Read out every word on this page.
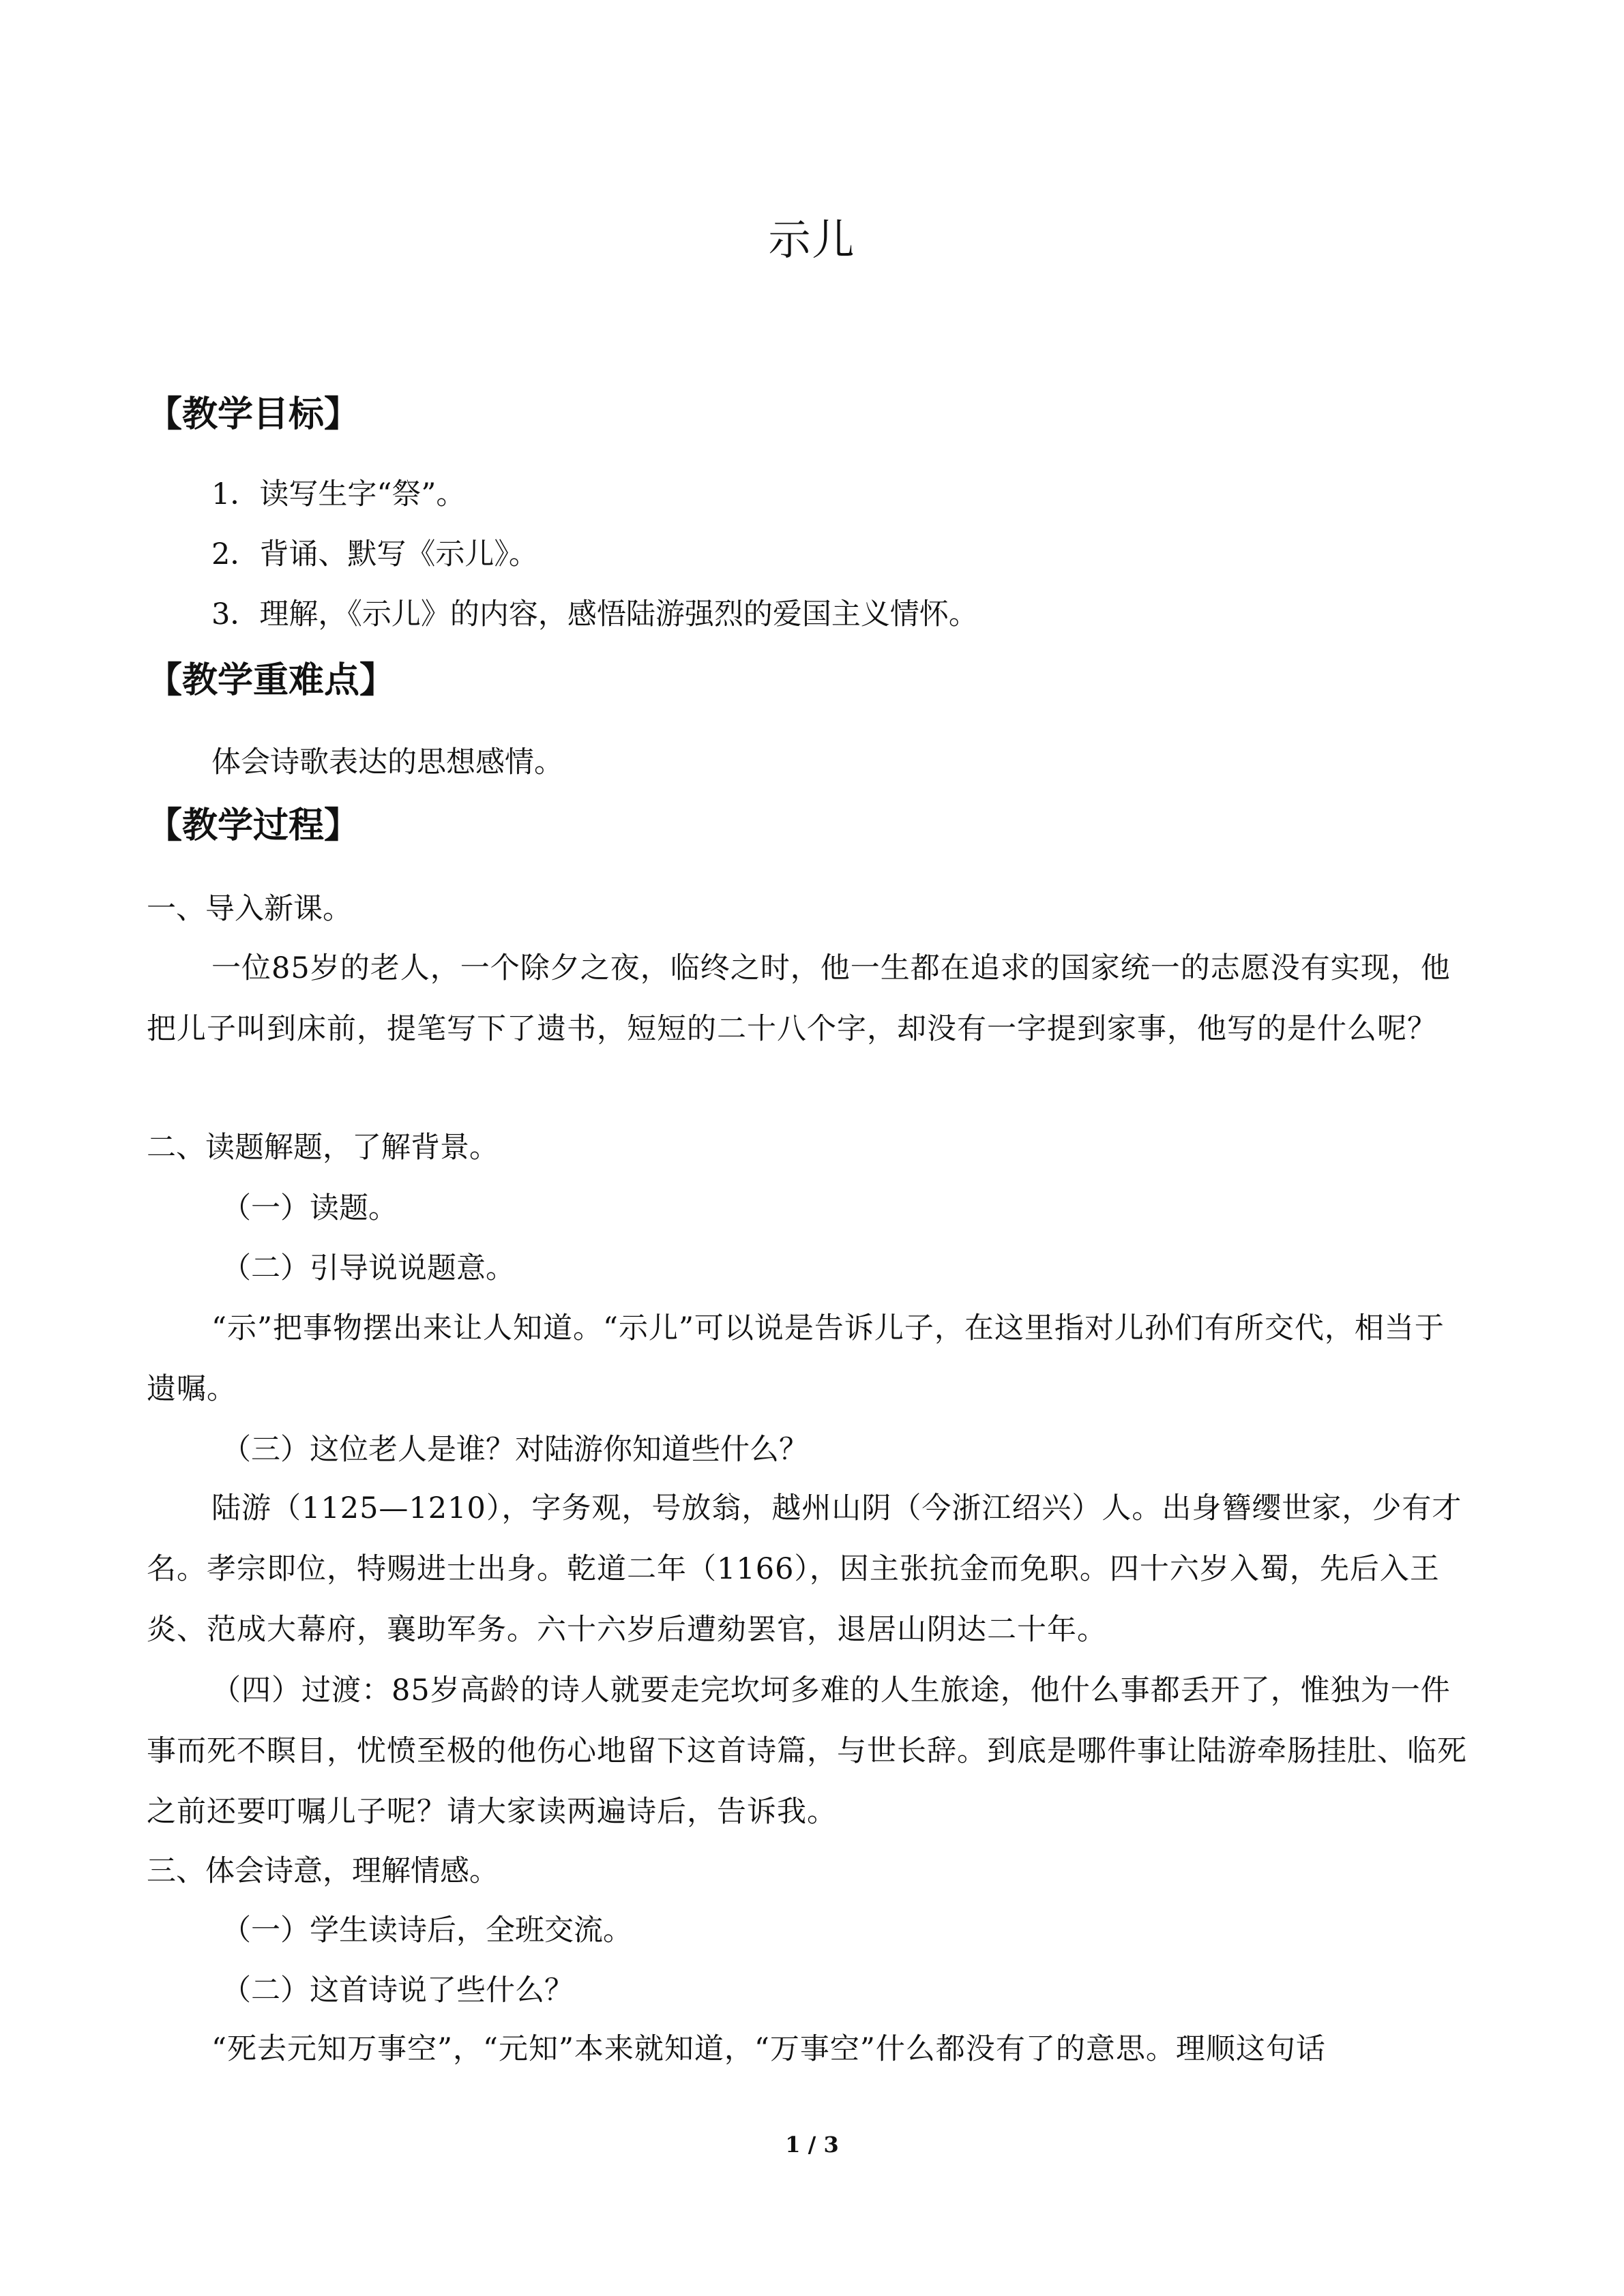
示儿
【教学目标】
1．读写生字“祭”。
2．背诵、默写《示儿》。
3．理解，《示儿》的内容，感悟陆游强烈的爱国主义情怀。
【教学重难点】
体会诗歌表达的思想感情。
【教学过程】
一、导入新课。
一位85岁的老人，一个除夕之夜，临终之时，他一生都在追求的国家统一的志愿没有实现，他把儿子叫到床前，提笔写下了遗书，短短的二十八个字，却没有一字提到家事，他写的是什么呢？
二、读题解题，了解背景。
（一）读题。
（二）引导说说题意。
“示”把事物摆出来让人知道。“示儿”可以说是告诉儿子，在这里指对儿孙们有所交代，相当于遗嘱。
（三）这位老人是谁？对陆游你知道些什么？
陆游（1125—1210），字务观，号放翁，越州山阴（今浙江绍兴）人。出身簪缨世家，少有才名。孝宗即位，特赐进士出身。乾道二年（1166），因主张抗金而免职。四十六岁入蜀，先后入王炎、范成大幕府，襄助军务。六十六岁后遭劾罢官，退居山阴达二十年。
（四）过渡：85岁高龄的诗人就要走完坎坷多难的人生旅途，他什么事都丢开了，惟独为一件事而死不瞑目，忧愤至极的他伤心地留下这首诗篇，与世长辞。到底是哪件事让陆游牵肠挂肚、临死之前还要叮嘱儿子呢？请大家读两遍诗后，告诉我。
三、体会诗意，理解情感。
（一）学生读诗后，全班交流。
（二）这首诗说了些什么？
“死去元知万事空”，“元知”本来就知道，“万事空”什么都没有了的意思。理顺这句话
1 / 3
